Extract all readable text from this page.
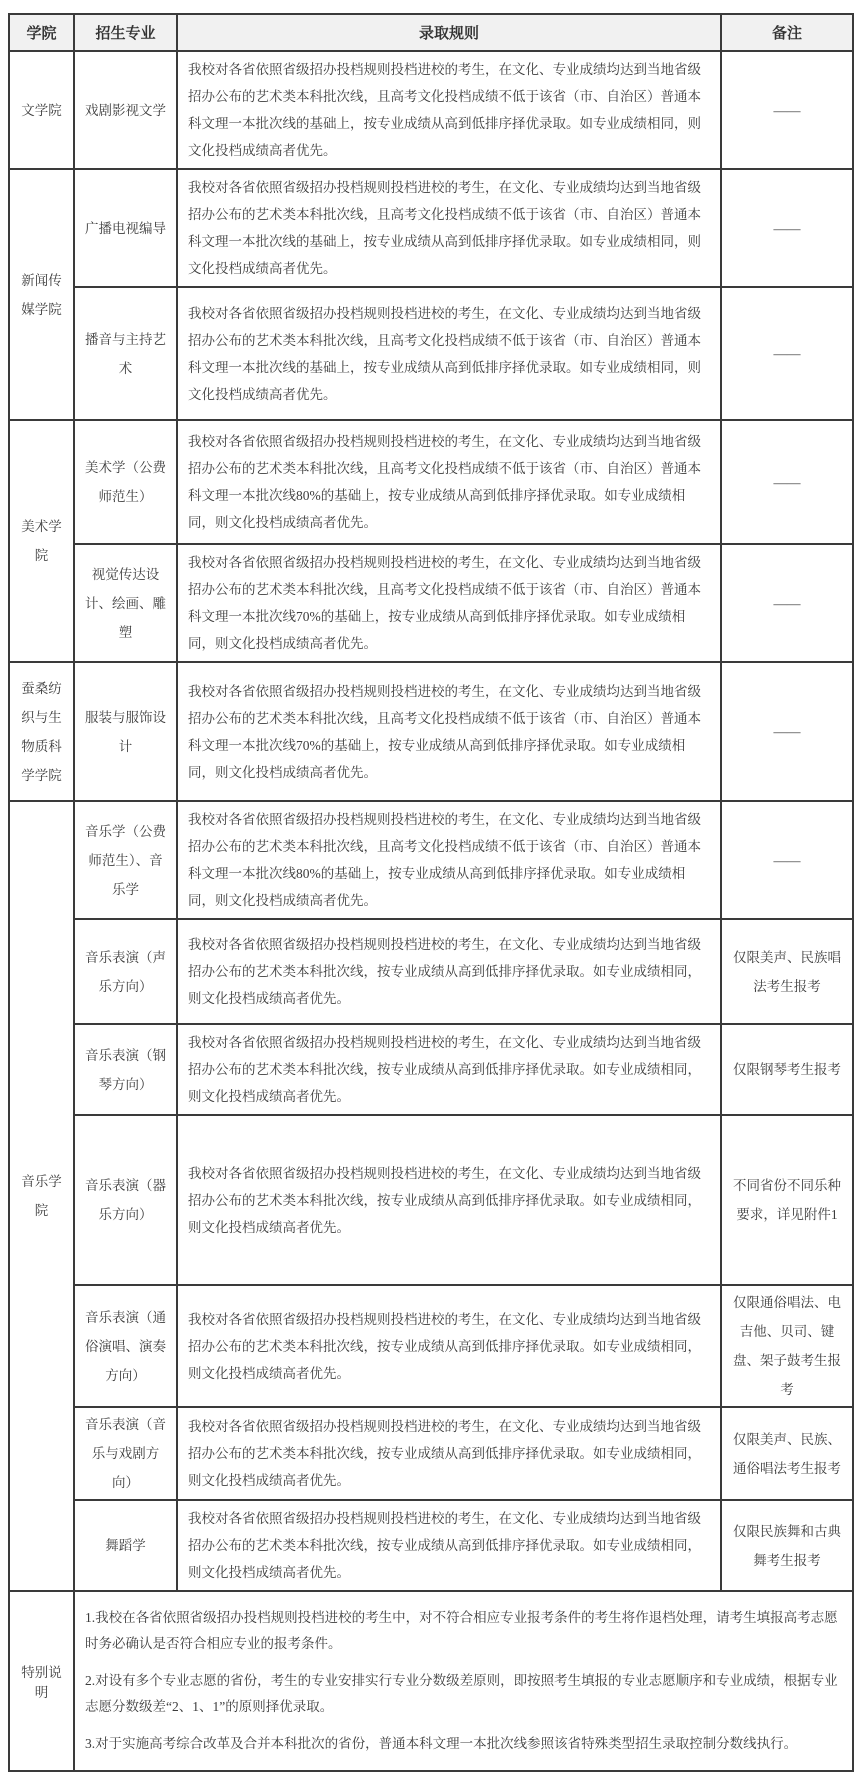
学院	招生专业	录取规则	备注
文学院	戏剧影视文学	我校对各省依照省级招办投档规则投档进校的考生，在文化、专业成绩均达到当地省级招办公布的艺术类本科批次线，且高考文化投档成绩不低于该省（市、自治区）普通本科文理一本批次线的基础上，按专业成绩从高到低排序择优录取。如专业成绩相同，则文化投档成绩高者优先。	——
新闻传媒学院	广播电视编导	我校对各省依照省级招办投档规则投档进校的考生，在文化、专业成绩均达到当地省级招办公布的艺术类本科批次线，且高考文化投档成绩不低于该省（市、自治区）普通本科文理一本批次线的基础上，按专业成绩从高到低排序择优录取。如专业成绩相同，则文化投档成绩高者优先。	——
	播音与主持艺术	我校对各省依照省级招办投档规则投档进校的考生，在文化、专业成绩均达到当地省级招办公布的艺术类本科批次线，且高考文化投档成绩不低于该省（市、自治区）普通本科文理一本批次线的基础上，按专业成绩从高到低排序择优录取。如专业成绩相同，则文化投档成绩高者优先。	——
美术学院	美术学（公费师范生）	我校对各省依照省级招办投档规则投档进校的考生，在文化、专业成绩均达到当地省级招办公布的艺术类本科批次线，且高考文化投档成绩不低于该省（市、自治区）普通本科文理一本批次线80%的基础上，按专业成绩从高到低排序择优录取。如专业成绩相同，则文化投档成绩高者优先。	——
	视觉传达设计、绘画、雕塑	我校对各省依照省级招办投档规则投档进校的考生，在文化、专业成绩均达到当地省级招办公布的艺术类本科批次线，且高考文化投档成绩不低于该省（市、自治区）普通本科文理一本批次线70%的基础上，按专业成绩从高到低排序择优录取。如专业成绩相同，则文化投档成绩高者优先。	——
蚕桑纺织与生物质科学学院	服装与服饰设计	我校对各省依照省级招办投档规则投档进校的考生，在文化、专业成绩均达到当地省级招办公布的艺术类本科批次线，且高考文化投档成绩不低于该省（市、自治区）普通本科文理一本批次线70%的基础上，按专业成绩从高到低排序择优录取。如专业成绩相同，则文化投档成绩高者优先。	——
音乐学院	音乐学（公费师范生）、音乐学	我校对各省依照省级招办投档规则投档进校的考生，在文化、专业成绩均达到当地省级招办公布的艺术类本科批次线，且高考文化投档成绩不低于该省（市、自治区）普通本科文理一本批次线80%的基础上，按专业成绩从高到低排序择优录取。如专业成绩相同，则文化投档成绩高者优先。	——
	音乐表演（声乐方向）	我校对各省依照省级招办投档规则投档进校的考生，在文化、专业成绩均达到当地省级招办公布的艺术类本科批次线，按专业成绩从高到低排序择优录取。如专业成绩相同，则文化投档成绩高者优先。	仅限美声、民族唱法考生报考
	音乐表演（钢琴方向）	我校对各省依照省级招办投档规则投档进校的考生，在文化、专业成绩均达到当地省级招办公布的艺术类本科批次线，按专业成绩从高到低排序择优录取。如专业成绩相同，则文化投档成绩高者优先。	仅限钢琴考生报考
	音乐表演（器乐方向）	我校对各省依照省级招办投档规则投档进校的考生，在文化、专业成绩均达到当地省级招办公布的艺术类本科批次线，按专业成绩从高到低排序择优录取。如专业成绩相同，则文化投档成绩高者优先。	不同省份不同乐种要求，详见附件1
	音乐表演（通俗演唱、演奏方向）	我校对各省依照省级招办投档规则投档进校的考生，在文化、专业成绩均达到当地省级招办公布的艺术类本科批次线，按专业成绩从高到低排序择优录取。如专业成绩相同，则文化投档成绩高者优先。	仅限通俗唱法、电吉他、贝司、键盘、架子鼓考生报考
	音乐表演（音乐与戏剧方向）	我校对各省依照省级招办投档规则投档进校的考生，在文化、专业成绩均达到当地省级招办公布的艺术类本科批次线，按专业成绩从高到低排序择优录取。如专业成绩相同，则文化投档成绩高者优先。	仅限美声、民族、通俗唱法考生报考
	舞蹈学	我校对各省依照省级招办投档规则投档进校的考生，在文化、专业成绩均达到当地省级招办公布的艺术类本科批次线，按专业成绩从高到低排序择优录取。如专业成绩相同，则文化投档成绩高者优先。	仅限民族舞和古典舞考生报考
特别说明	1.我校在各省依照省级招办投档规则投档进校的考生中，对不符合相应专业报考条件的考生将作退档处理，请考生填报高考志愿时务必确认是否符合相应专业的报考条件。

2.对设有多个专业志愿的省份，考生的专业安排实行专业分数级差原则，即按照考生填报的专业志愿顺序和专业成绩，根据专业志愿分数级差“2、1、1”的原则择优录取。

3.对于实施高考综合改革及合并本科批次的省份，普通本科文理一本批次线参照该省特殊类型招生录取控制分数线执行。		
